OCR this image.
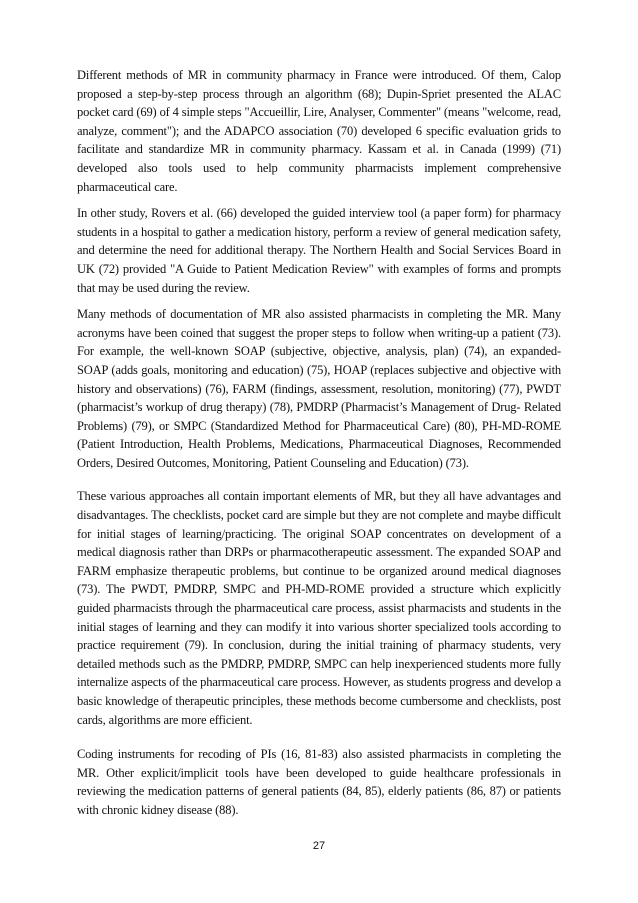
Different methods of MR in community pharmacy in France were introduced. Of them, Calop proposed a step-by-step process through an algorithm (68); Dupin-Spriet presented the ALAC pocket card (69) of 4 simple steps "Accueillir, Lire, Analyser, Commenter" (means "welcome, read, analyze, comment"); and the ADAPCO association (70) developed 6 specific evaluation grids to facilitate and standardize MR in community pharmacy. Kassam et al. in Canada (1999) (71) developed also tools used to help community pharmacists implement comprehensive pharmaceutical care.

In other study, Rovers et al. (66) developed the guided interview tool (a paper form) for pharmacy students in a hospital to gather a medication history, perform a review of general medication safety, and determine the need for additional therapy. The Northern Health and Social Services Board in UK (72) provided "A Guide to Patient Medication Review" with examples of forms and prompts that may be used during the review.

Many methods of documentation of MR also assisted pharmacists in completing the MR. Many acronyms have been coined that suggest the proper steps to follow when writing-up a patient (73). For example, the well-known SOAP (subjective, objective, analysis, plan) (74), an expanded-SOAP (adds goals, monitoring and education) (75), HOAP (replaces subjective and objective with history and observations) (76), FARM (findings, assessment, resolution, monitoring) (77), PWDT (pharmacist’s workup of drug therapy) (78), PMDRP (Pharmacist’s Management of Drug- Related Problems) (79), or SMPC (Standardized Method for Pharmaceutical Care) (80), PH-MD-ROME (Patient Introduction, Health Problems, Medications, Pharmaceutical Diagnoses, Recommended Orders, Desired Outcomes, Monitoring, Patient Counseling and Education) (73).

These various approaches all contain important elements of MR, but they all have advantages and disadvantages. The checklists, pocket card are simple but they are not complete and maybe difficult for initial stages of learning/practicing. The original SOAP concentrates on development of a medical diagnosis rather than DRPs or pharmacotherapeutic assessment. The expanded SOAP and FARM emphasize therapeutic problems, but continue to be organized around medical diagnoses (73). The PWDT, PMDRP, SMPC and PH-MD-ROME provided a structure which explicitly guided pharmacists through the pharmaceutical care process, assist pharmacists and students in the initial stages of learning and they can modify it into various shorter specialized tools according to practice requirement (79). In conclusion, during the initial training of pharmacy students, very detailed methods such as the PMDRP, PMDRP, SMPC can help inexperienced students more fully internalize aspects of the pharmaceutical care process. However, as students progress and develop a basic knowledge of therapeutic principles, these methods become cumbersome and checklists, post cards, algorithms are more efficient.

Coding instruments for recoding of PIs (16, 81-83) also assisted pharmacists in completing the MR. Other explicit/implicit tools have been developed to guide healthcare professionals in reviewing the medication patterns of general patients (84, 85), elderly patients (86, 87) or patients with chronic kidney disease (88).

27
